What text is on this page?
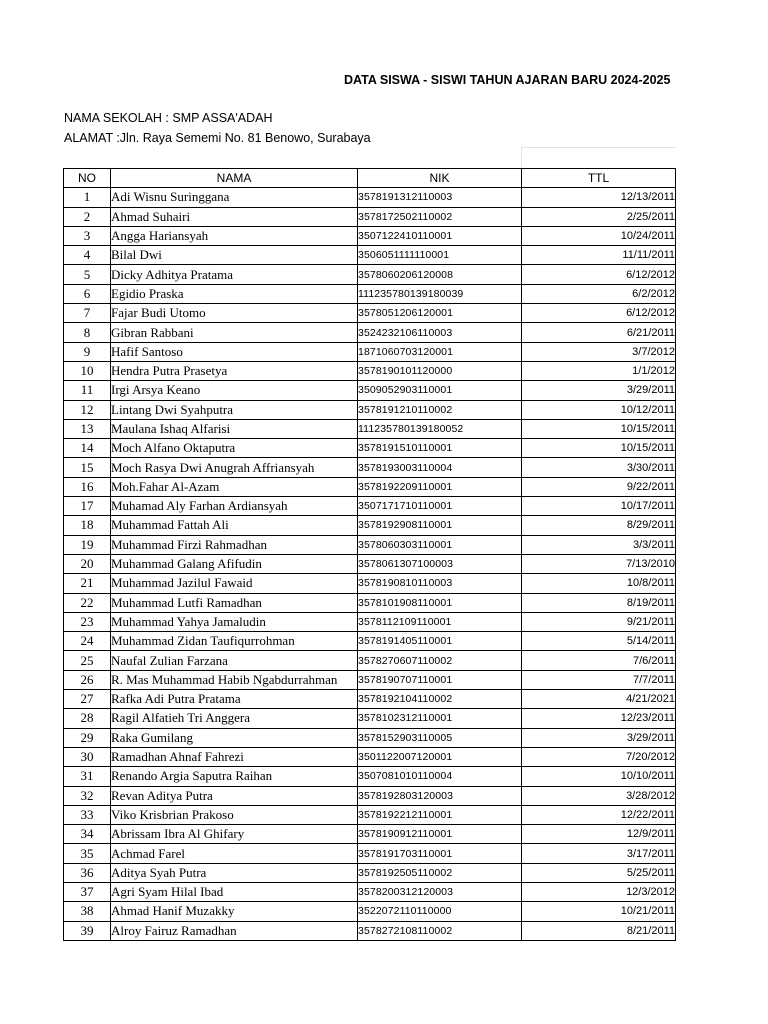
DATA SISWA - SISWI TAHUN AJARAN BARU 2024-2025
NAMA SEKOLAH : SMP ASSA'ADAH
ALAMAT :Jln. Raya Sememi No. 81 Benowo, Surabaya
NO	NAMA	NIK	TTL
1	Adi Wisnu Suringgana	3578191312110003	12/13/2011
2	Ahmad Suhairi	3578172502110002	2/25/2011
3	Angga Hariansyah	3507122410110001	10/24/2011
4	Bilal Dwi	3506051111110001	11/11/2011
5	Dicky Adhitya Pratama	3578060206120008	6/12/2012
6	Egidio Praska	111235780139180039	6/2/2012
7	Fajar Budi Utomo	3578051206120001	6/12/2012
8	Gibran Rabbani	3524232106110003	6/21/2011
9	Hafif Santoso	1871060703120001	3/7/2012
10	Hendra Putra Prasetya	3578190101120000	1/1/2012
11	Irgi Arsya Keano	3509052903110001	3/29/2011
12	Lintang Dwi Syahputra	3578191210110002	10/12/2011
13	Maulana Ishaq Alfarisi	111235780139180052	10/15/2011
14	Moch Alfano Oktaputra	3578191510110001	10/15/2011
15	Moch Rasya Dwi Anugrah Affriansyah	3578193003110004	3/30/2011
16	Moh.Fahar Al-Azam	3578192209110001	9/22/2011
17	Muhamad Aly Farhan Ardiansyah	3507171710110001	10/17/2011
18	Muhammad Fattah Ali	3578192908110001	8/29/2011
19	Muhammad Firzi Rahmadhan	3578060303110001	3/3/2011
20	Muhammad Galang Afifudin	3578061307100003	7/13/2010
21	Muhammad Jazilul Fawaid	3578190810110003	10/8/2011
22	Muhammad Lutfi Ramadhan	3578101908110001	8/19/2011
23	Muhammad Yahya Jamaludin	3578112109110001	9/21/2011
24	Muhammad Zidan Taufiqurrohman	3578191405110001	5/14/2011
25	Naufal Zulian Farzana	3578270607110002	7/6/2011
26	R. Mas Muhammad Habib Ngabdurrahman	3578190707110001	7/7/2011
27	Rafka Adi Putra Pratama	3578192104110002	4/21/2021
28	Ragil Alfatieh Tri Anggera	3578102312110001	12/23/2011
29	Raka Gumilang	3578152903110005	3/29/2011
30	Ramadhan Ahnaf Fahrezi	3501122007120001	7/20/2012
31	Renando Argia Saputra Raihan	3507081010110004	10/10/2011
32	Revan Aditya Putra	3578192803120003	3/28/2012
33	Viko Krisbrian Prakoso	3578192212110001	12/22/2011
34	Abrissam Ibra Al Ghifary	3578190912110001	12/9/2011
35	Achmad Farel	3578191703110001	3/17/2011
36	Aditya Syah Putra	3578192505110002	5/25/2011
37	Agri Syam Hilal Ibad	3578200312120003	12/3/2012
38	Ahmad Hanif Muzakky	3522072110110000	10/21/2011
39	Alroy Fairuz Ramadhan	3578272108110002	8/21/2011
